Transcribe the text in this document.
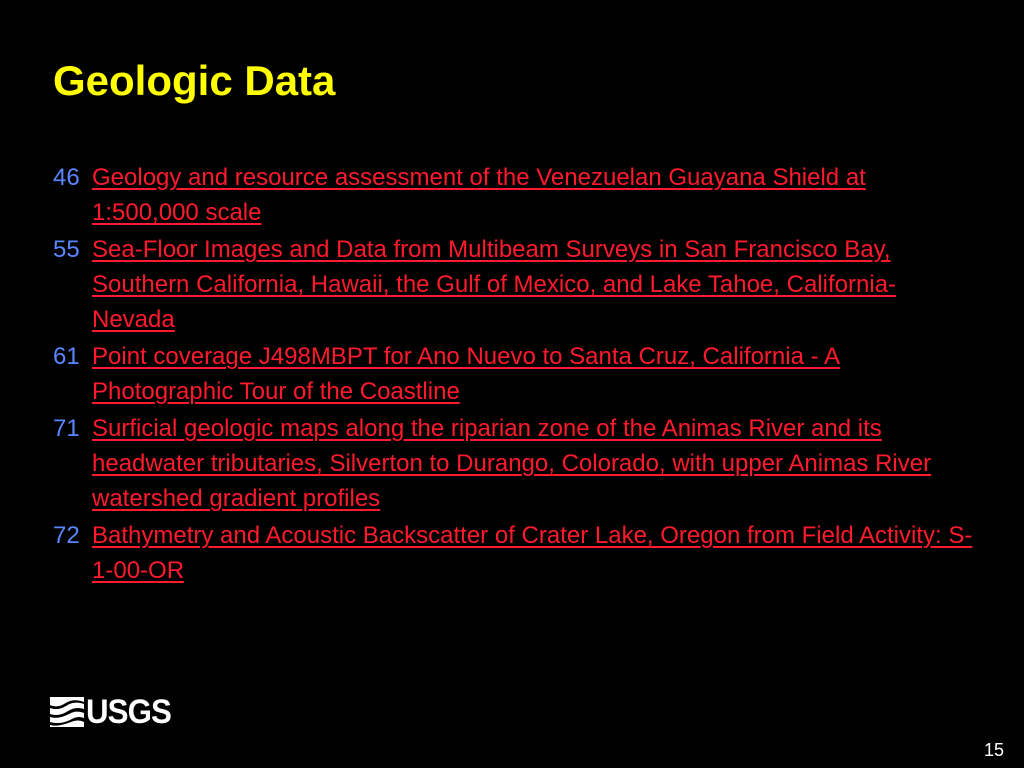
Geologic Data
46 Geology and resource assessment of the Venezuelan Guayana Shield at 1:500,000 scale
55 Sea-Floor Images and Data from Multibeam Surveys in San Francisco Bay, Southern California, Hawaii, the Gulf of Mexico, and Lake Tahoe, California-Nevada
61 Point coverage J498MBPT for Ano Nuevo to Santa Cruz, California - A Photographic Tour of the Coastline
71 Surficial geologic maps along the riparian zone of the Animas River and its headwater tributaries, Silverton to Durango, Colorado, with upper Animas River watershed gradient profiles
72 Bathymetry and Acoustic Backscatter of Crater Lake, Oregon from Field Activity: S-1-00-OR
USGS
15
